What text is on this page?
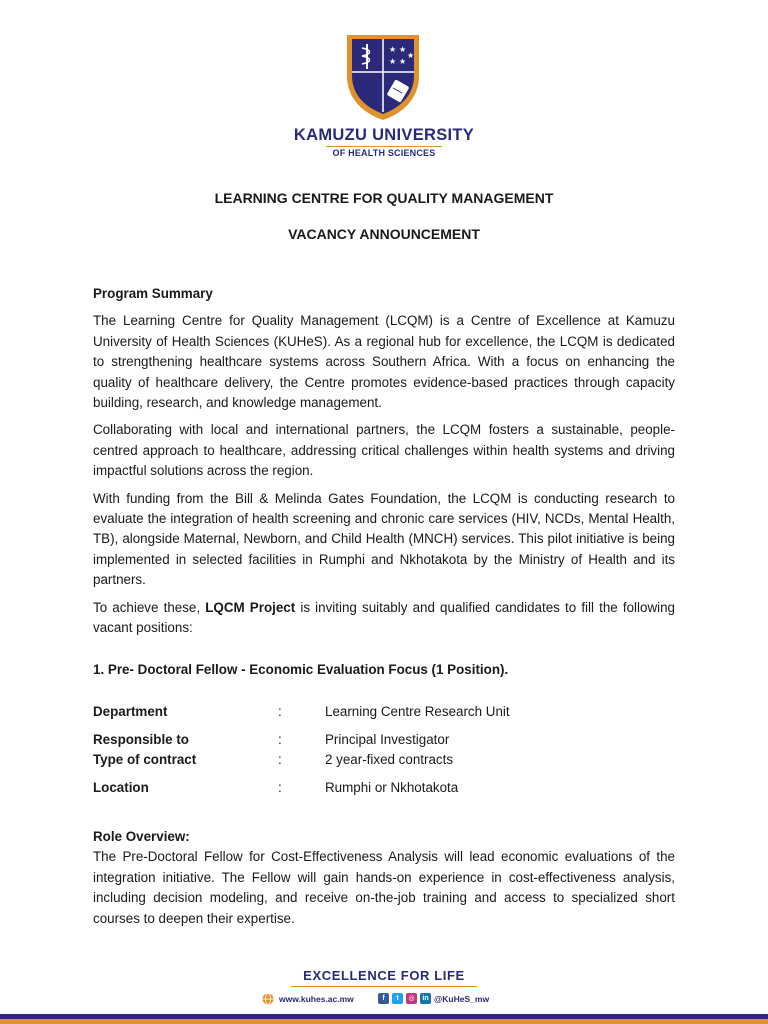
★ ★
★ ★
★
KAMUZU UNIVERSITY
OF HEALTH SCIENCES
LEARNING CENTRE FOR QUALITY MANAGEMENT
VACANCY ANNOUNCEMENT

Program Summary

The Learning Centre for Quality Management (LCQM) is a Centre of Excellence at Kamuzu University of Health Sciences (KUHeS). As a regional hub for excellence, the LCQM is dedicated to strengthening healthcare systems across Southern Africa. With a focus on enhancing the quality of healthcare delivery, the Centre promotes evidence-based practices through capacity building, research, and knowledge management.

Collaborating with local and international partners, the LCQM fosters a sustainable, people-centred approach to healthcare, addressing critical challenges within health systems and driving impactful solutions across the region.

With funding from the Bill & Melinda Gates Foundation, the LCQM is conducting research to evaluate the integration of health screening and chronic care services (HIV, NCDs, Mental Health, TB), alongside Maternal, Newborn, and Child Health (MNCH) services. This pilot initiative is being implemented in selected facilities in Rumphi and Nkhotakota by the Ministry of Health and its partners.

To achieve these, LQCM Project is inviting suitably and qualified candidates to fill the following vacant positions:

1. Pre- Doctoral Fellow - Economic Evaluation Focus (1 Position).
Department	:	Learning Centre Research Unit
Responsible to	:	Principal Investigator
Type of contract	:	2 year-fixed contracts
Location	:	Rumphi or Nkhotakota

Role Overview:

The Pre-Doctoral Fellow for Cost-Effectiveness Analysis will lead economic evaluations of the integration initiative. The Fellow will gain hands-on experience in cost-effectiveness analysis, including decision modeling, and receive on-the-job training and access to specialized short courses to deepen their expertise.

EXCELLENCE FOR LIFE
www.kuhes.ac.mw	f	t	◎	in @KuHeS_mw
